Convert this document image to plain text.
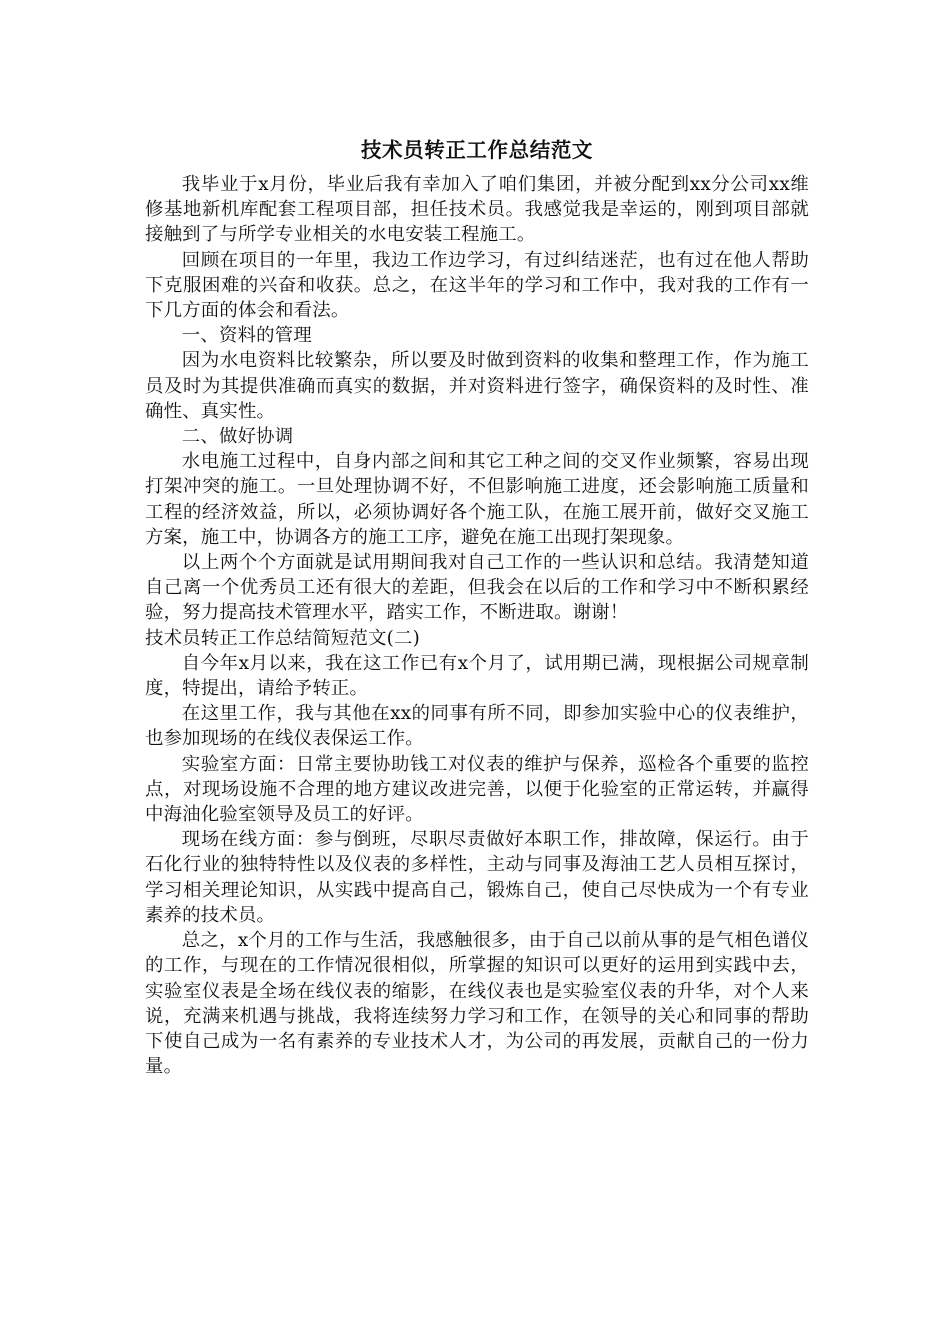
技术员转正工作总结范文

我毕业于x月份，毕业后我有幸加入了咱们集团，并被分配到xx分公司xx维修基地新机库配套工程项目部，担任技术员。我感觉我是幸运的，刚到项目部就接触到了与所学专业相关的水电安装工程施工。

回顾在项目的一年里，我边工作边学习，有过纠结迷茫，也有过在他人帮助下克服困难的兴奋和收获。总之，在这半年的学习和工作中，我对我的工作有一下几方面的体会和看法。

一、资料的管理

因为水电资料比较繁杂，所以要及时做到资料的收集和整理工作，作为施工员及时为其提供准确而真实的数据，并对资料进行签字，确保资料的及时性、准确性、真实性。

二、做好协调

水电施工过程中，自身内部之间和其它工种之间的交叉作业频繁，容易出现打架冲突的施工。一旦处理协调不好，不但影响施工进度，还会影响施工质量和工程的经济效益，所以，必须协调好各个施工队，在施工展开前，做好交叉施工方案，施工中，协调各方的施工工序，避免在施工出现打架现象。

以上两个个方面就是试用期间我对自己工作的一些认识和总结。我清楚知道自己离一个优秀员工还有很大的差距，但我会在以后的工作和学习中不断积累经验，努力提高技术管理水平，踏实工作，不断进取。谢谢！

技术员转正工作总结简短范文(二)

自今年x月以来，我在这工作已有x个月了，试用期已满，现根据公司规章制度，特提出，请给予转正。

在这里工作，我与其他在xx的同事有所不同，即参加实验中心的仪表维护，也参加现场的在线仪表保运工作。

实验室方面：日常主要协助钱工对仪表的维护与保养，巡检各个重要的监控点，对现场设施不合理的地方建议改进完善，以便于化验室的正常运转，并赢得中海油化验室领导及员工的好评。

现场在线方面：参与倒班，尽职尽责做好本职工作，排故障，保运行。由于石化行业的独特特性以及仪表的多样性，主动与同事及海油工艺人员相互探讨，学习相关理论知识，从实践中提高自己，锻炼自己，使自己尽快成为一个有专业素养的技术员。

总之，x个月的工作与生活，我感触很多，由于自己以前从事的是气相色谱仪的工作，与现在的工作情况很相似，所掌握的知识可以更好的运用到实践中去，实验室仪表是全场在线仪表的缩影，在线仪表也是实验室仪表的升华，对个人来说，充满来机遇与挑战，我将连续努力学习和工作，在领导的关心和同事的帮助下使自己成为一名有素养的专业技术人才，为公司的再发展，贡献自己的一份力量。
